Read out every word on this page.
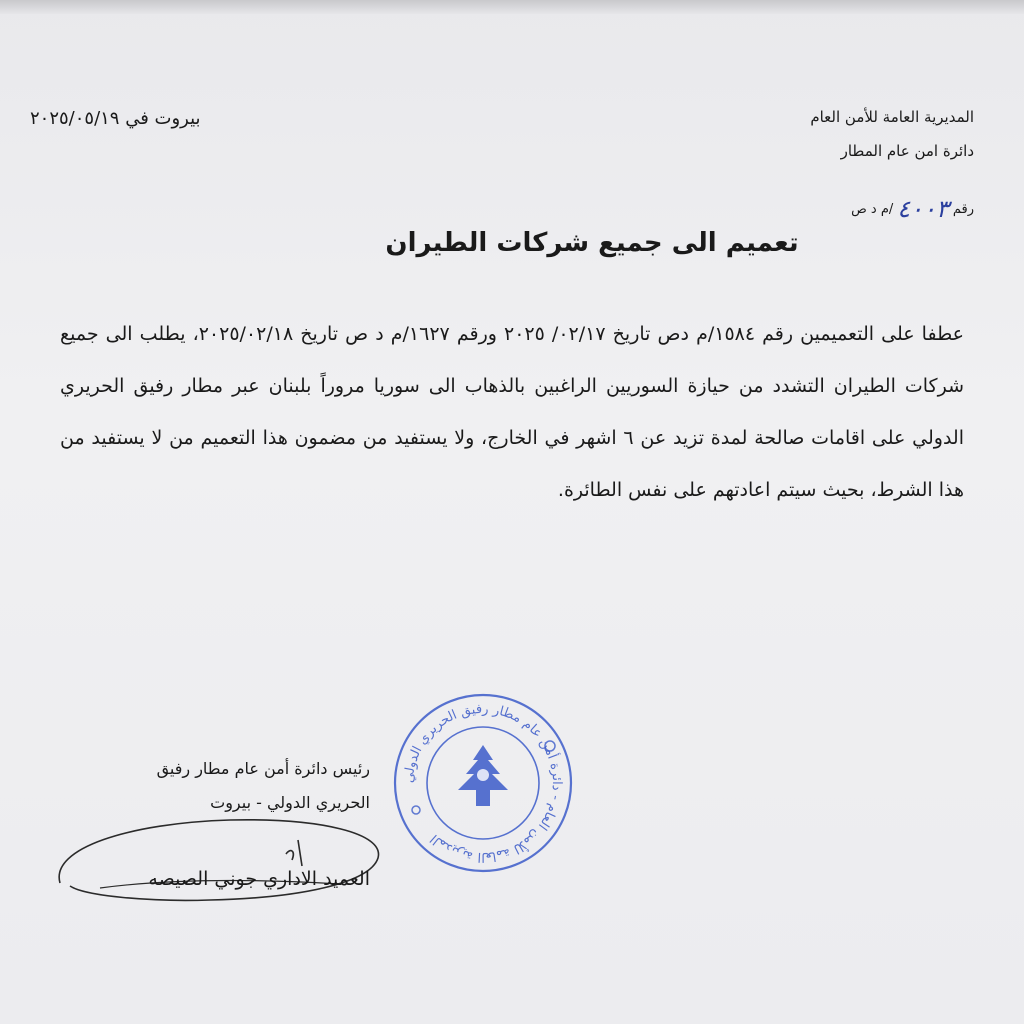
المديرية العامة للأمن العام
دائرة امن عام المطار
رقم
٤٠٠٣
/م د ص
بيروت في ٢٠٢٥/٠٥/١٩
تعميم الى جميع شركات الطيران
عطفا على التعميمين رقم ١٥٨٤/م دص تاريخ ٠٢/١٧/ ٢٠٢٥ ورقم ١٦٢٧/م د ص تاريخ ٢٠٢٥/٠٢/١٨، يطلب الى جميع شركات الطيران التشدد من حيازة السوريين الراغبين بالذهاب الى سوريا مروراً بلبنان عبر مطار رفيق الحريري الدولي على اقامات صالحة لمدة تزيد عن ٦ اشهر في الخارج، ولا يستفيد من مضمون هذا التعميم من لا يستفيد من هذا الشرط، بحيث سيتم اعادتهم على نفس الطائرة.
رئيس دائرة أمن عام مطار رفيق
الحريري الدولي - بيروت
العميد الاداري جوني الصيصه
المديرية العامة للأمن العام - دائرة أمن عام مطار رفيق الحريري الدولي
